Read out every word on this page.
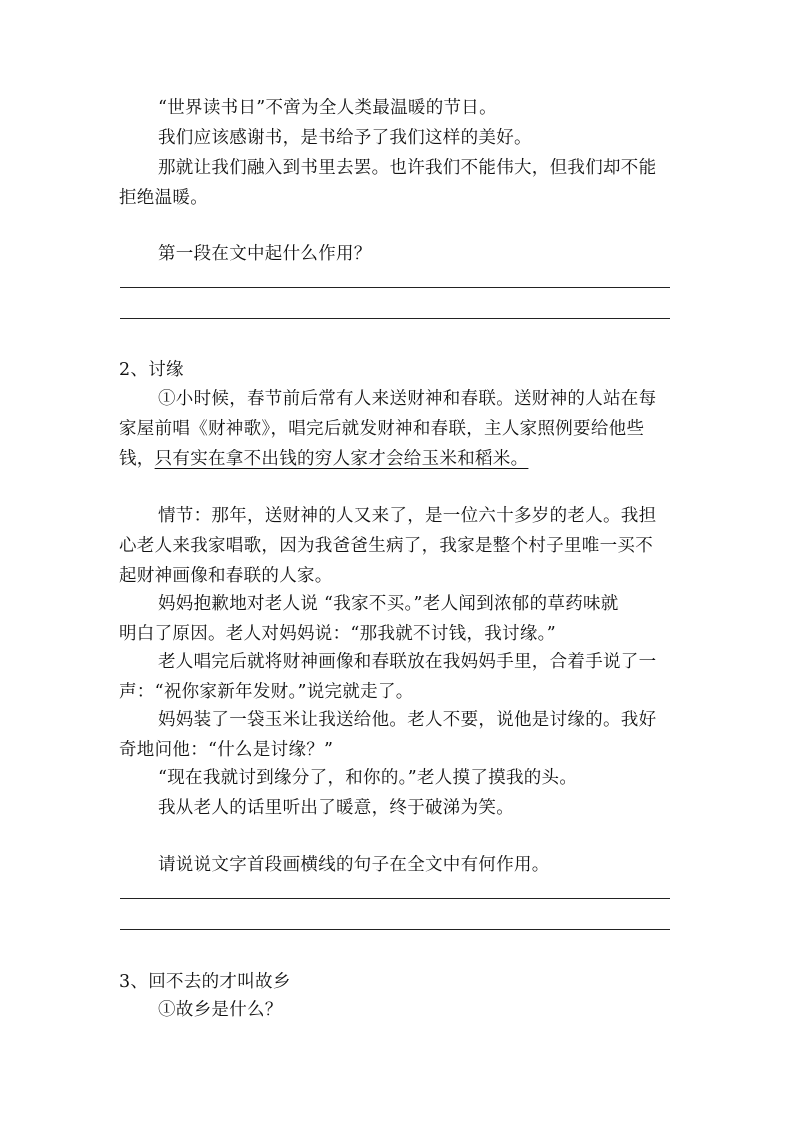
“世界读书日”不啻为全人类最温暖的节日。
我们应该感谢书，是书给予了我们这样的美好。
那就让我们融入到书里去罢。也许我们不能伟大，但我们却不能
拒绝温暖。
第一段在文中起什么作用？
2、讨缘
①小时候，春节前后常有人来送财神和春联。送财神的人站在每
家屋前唱《财神歌》，唱完后就发财神和春联，主人家照例要给他些
钱，只有实在拿不出钱的穷人家才会给玉米和稻米。
情节：那年，送财神的人又来了，是一位六十多岁的老人。我担
心老人来我家唱歌，因为我爸爸生病了，我家是整个村子里唯一买不
起财神画像和春联的人家。
妈妈抱歉地对老人说 “我家不买。”老人闻到浓郁的草药味就
明白了原因。老人对妈妈说：“那我就不讨钱，我讨缘。”
老人唱完后就将财神画像和春联放在我妈妈手里，合着手说了一
声：“祝你家新年发财。”说完就走了。
妈妈装了一袋玉米让我送给他。老人不要，说他是讨缘的。我好
奇地问他：“什么是讨缘？”
“现在我就讨到缘分了，和你的。”老人摸了摸我的头。
我从老人的话里听出了暖意，终于破涕为笑。
请说说文字首段画横线的句子在全文中有何作用。
3、回不去的才叫故乡
①故乡是什么？
